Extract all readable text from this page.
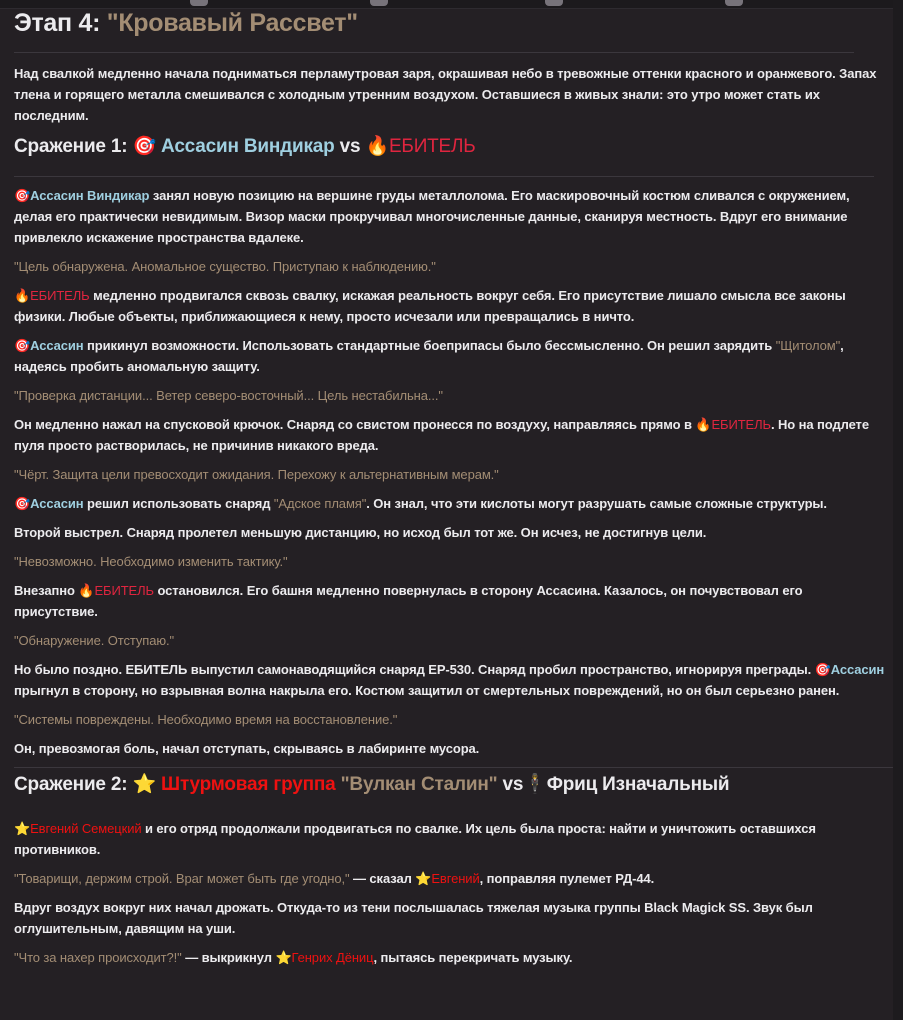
Этап 4: "Кровавый Рассвет"

Над свалкой медленно начала подниматься перламутровая заря, окрашивая небо в тревожные оттенки красного и оранжевого. Запах тлена и горящего металла смешивался с холодным утренним воздухом. Оставшиеся в живых знали: это утро может стать их последним.

Сражение 1: 🎯 Ассасин Виндикар vs 🔥ЕБИТЕЛЬ

🎯Ассасин Виндикар занял новую позицию на вершине груды металлолома. Его маскировочный костюм сливался с окружением, делая его практически невидимым. Визор маски прокручивал многочисленные данные, сканируя местность. Вдруг его внимание привлекло искажение пространства вдалеке.

"Цель обнаружена. Аномальное существо. Приступаю к наблюдению."

🔥ЕБИТЕЛЬ медленно продвигался сквозь свалку, искажая реальность вокруг себя. Его присутствие лишало смысла все законы физики. Любые объекты, приближающиеся к нему, просто исчезали или превращались в ничто.

🎯Ассасин прикинул возможности. Использовать стандартные боеприпасы было бессмысленно. Он решил зарядить "Щитолом", надеясь пробить аномальную защиту.

"Проверка дистанции... Ветер северо-восточный... Цель нестабильна..."

Он медленно нажал на спусковой крючок. Снаряд со свистом пронесся по воздуху, направляясь прямо в 🔥ЕБИТЕЛЬ. Но на подлете пуля просто растворилась, не причинив никакого вреда.

"Чёрт. Защита цели превосходит ожидания. Перехожу к альтернативным мерам."

🎯Ассасин решил использовать снаряд "Адское пламя". Он знал, что эти кислоты могут разрушать самые сложные структуры.

Второй выстрел. Снаряд пролетел меньшую дистанцию, но исход был тот же. Он исчез, не достигнув цели.

"Невозможно. Необходимо изменить тактику."

Внезапно 🔥ЕБИТЕЛЬ остановился. Его башня медленно повернулась в сторону Ассасина. Казалось, он почувствовал его присутствие.

"Обнаружение. Отступаю."

Но было поздно. ЕБИТЕЛЬ выпустил самонаводящийся снаряд ЕР-530. Снаряд пробил пространство, игнорируя преграды. 🎯Ассасин прыгнул в сторону, но взрывная волна накрыла его. Костюм защитил от смертельных повреждений, но он был серьезно ранен.

"Системы повреждены. Необходимо время на восстановление."

Он, превозмогая боль, начал отступать, скрываясь в лабиринте мусора.

Сражение 2: ⭐ Штурмовая группа "Вулкан Сталин" vs🕴Фриц Изначальный

⭐Евгений Семецкий и его отряд продолжали продвигаться по свалке. Их цель была проста: найти и уничтожить оставшихся противников.

"Товарищи, держим строй. Враг может быть где угодно," — сказал ⭐Евгений, поправляя пулемет РД-44.

Вдруг воздух вокруг них начал дрожать. Откуда-то из тени послышалась тяжелая музыка группы Black Magick SS. Звук был оглушительным, давящим на уши.

"Что за нахер происходит?!" — выкрикнул ⭐Генрих Дёниц, пытаясь перекричать музыку.
